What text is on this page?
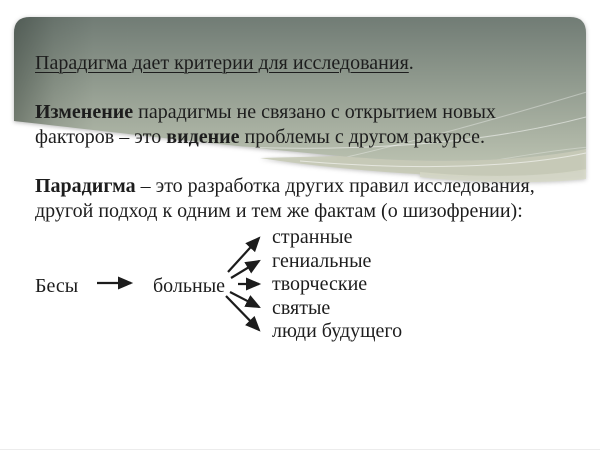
Парадигма дает критерии для исследования.
Изменение парадигмы не связано с открытием новых
факторов – это видение проблемы с другом ракурсе.
Парадигма – это разработка других правил исследования,
другой подход к одним и тем же фактам (о шизофрении):
Бесы	больные
странные
гениальные
творческие
святые
люди будущего
